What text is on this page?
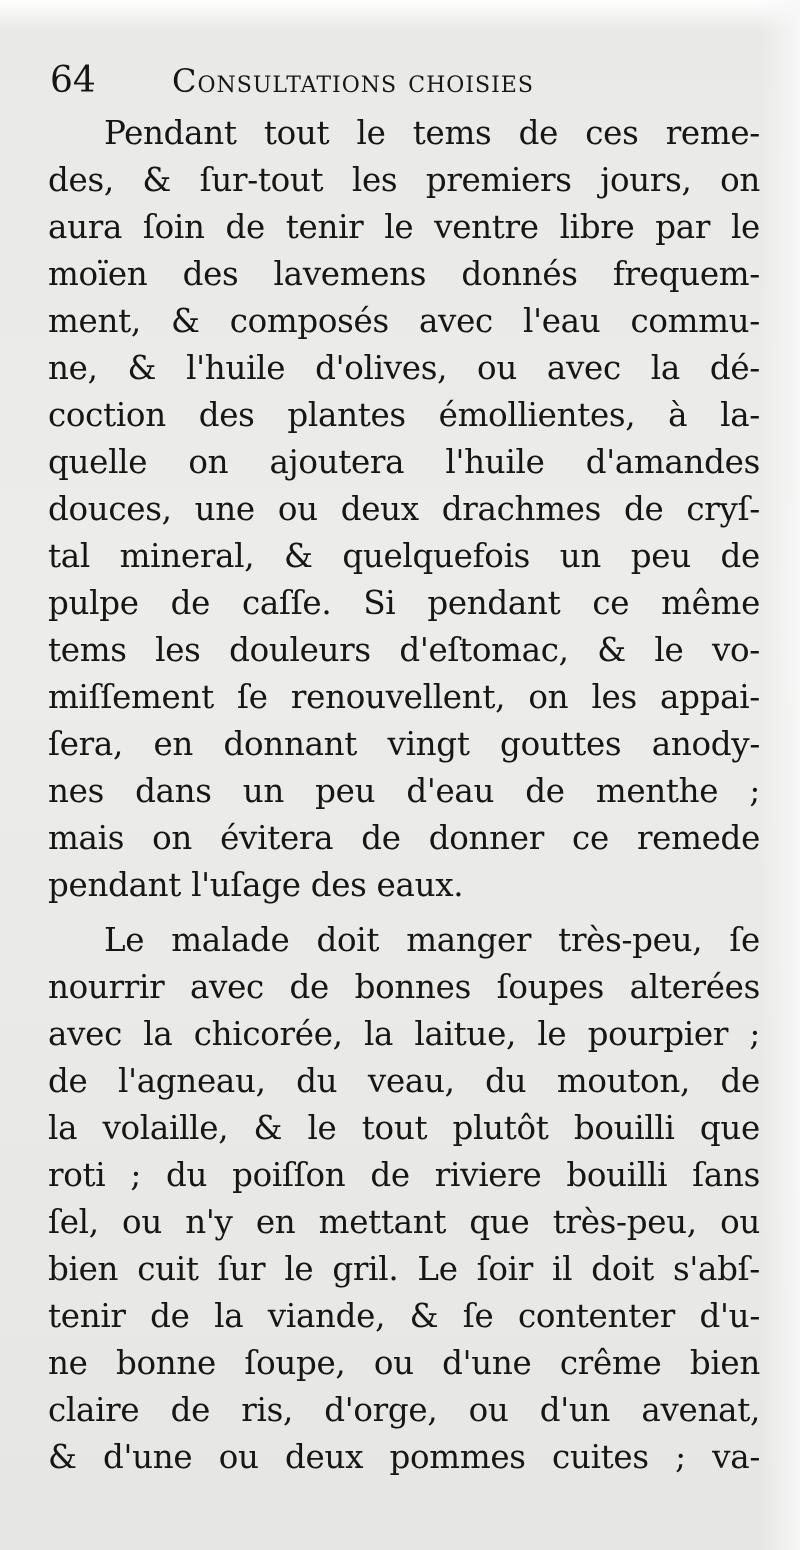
64 Consultations choisies
Pendant tout le tems de ces reme-
des, & ſur-tout les premiers jours, on
aura ſoin de tenir le ventre libre par le
moïen des lavemens donnés frequem-
ment, & composés avec l'eau commu-
ne, & l'huile d'olives, ou avec la dé-
coction des plantes émollientes, à la-
quelle on ajoutera l'huile d'amandes
douces, une ou deux drachmes de cryſ-
tal mineral, & quelquefois un peu de
pulpe de caſſe. Si pendant ce même
tems les douleurs d'eſtomac, & le vo-
miſſement ſe renouvellent, on les appai-
ſera, en donnant vingt gouttes anody-
nes dans un peu d'eau de menthe ;
mais on évitera de donner ce remede
pendant l'uſage des eaux.
Le malade doit manger très-peu, ſe
nourrir avec de bonnes ſoupes alterées
avec la chicorée, la laitue, le pourpier ;
de l'agneau, du veau, du mouton, de
la volaille, & le tout plutôt bouilli que
roti ; du poiſſon de riviere bouilli ſans
ſel, ou n'y en mettant que très-peu, ou
bien cuit ſur le gril. Le ſoir il doit s'abſ-
tenir de la viande, & ſe contenter d'u-
ne bonne ſoupe, ou d'une crême bien
claire de ris, d'orge, ou d'un avenat,
& d'une ou deux pommes cuites ; va-
